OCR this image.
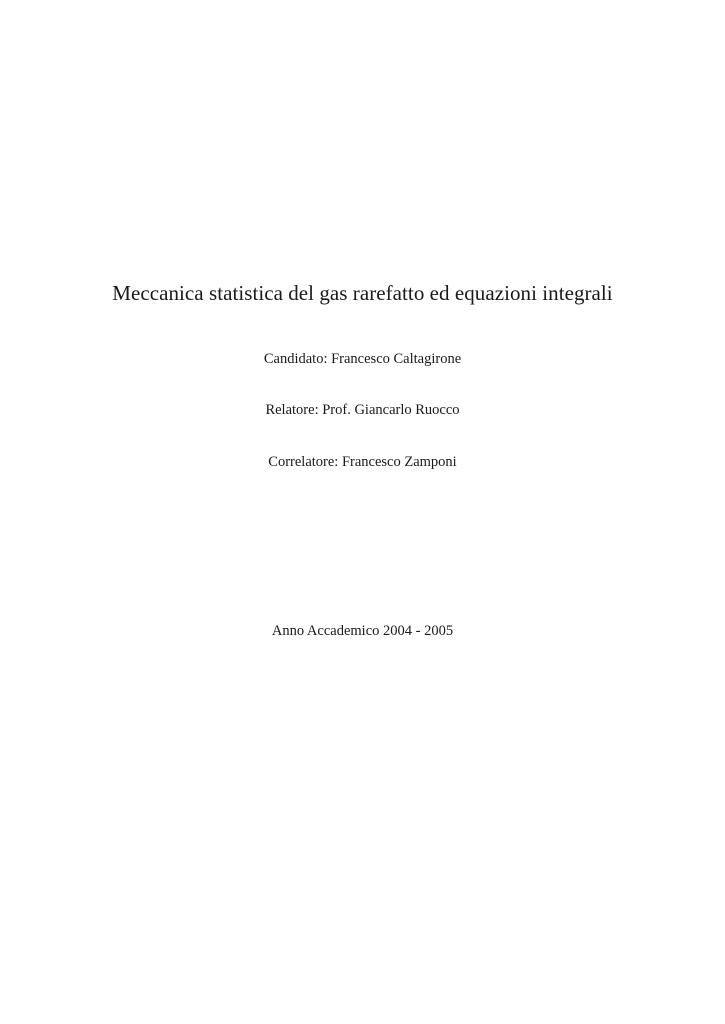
Meccanica statistica del gas rarefatto ed equazioni integrali
Candidato: Francesco Caltagirone
Relatore: Prof. Giancarlo Ruocco
Correlatore: Francesco Zamponi
Anno Accademico 2004 - 2005
